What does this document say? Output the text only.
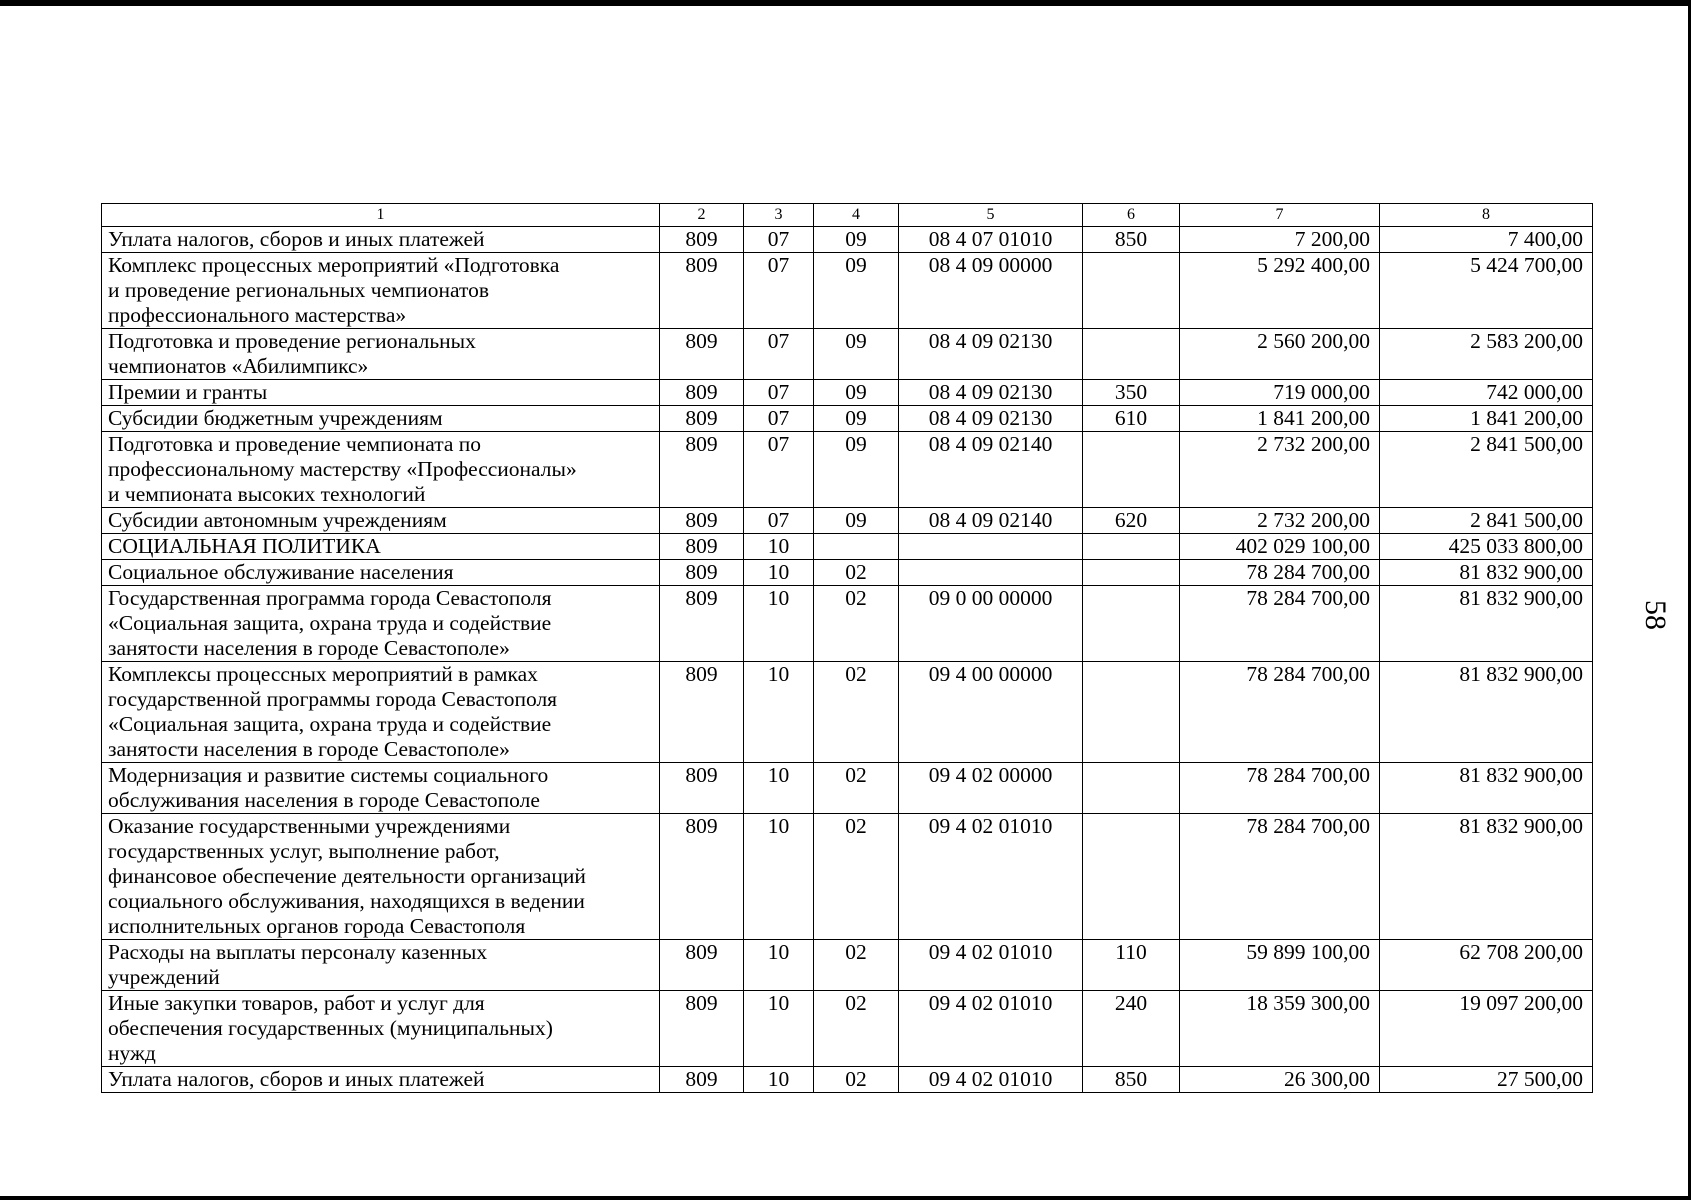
1	2	3	4	5	6	7	8
Уплата налогов, сборов и иных платежей	809	07	09	08 4 07 01010	850	7 200,00	7 400,00
Комплекс процессных мероприятий «Подготовка
и проведение региональных чемпионатов
профессионального мастерства»	809	07	09	08 4 09 00000		5 292 400,00	5 424 700,00
Подготовка и проведение региональных
чемпионатов «Абилимпикс»	809	07	09	08 4 09 02130		2 560 200,00	2 583 200,00
Премии и гранты	809	07	09	08 4 09 02130	350	719 000,00	742 000,00
Субсидии бюджетным учреждениям	809	07	09	08 4 09 02130	610	1 841 200,00	1 841 200,00
Подготовка и проведение чемпионата по
профессиональному мастерству «Профессионалы»
и чемпионата высоких технологий	809	07	09	08 4 09 02140		2 732 200,00	2 841 500,00
Субсидии автономным учреждениям	809	07	09	08 4 09 02140	620	2 732 200,00	2 841 500,00
СОЦИАЛЬНАЯ ПОЛИТИКА	809	10				402 029 100,00	425 033 800,00
Социальное обслуживание населения	809	10	02			78 284 700,00	81 832 900,00
Государственная программа города Севастополя
«Социальная защита, охрана труда и содействие
занятости населения в городе Севастополе»	809	10	02	09 0 00 00000		78 284 700,00	81 832 900,00
Комплексы процессных мероприятий в рамках
государственной программы города Севастополя
«Социальная защита, охрана труда и содействие
занятости населения в городе Севастополе»	809	10	02	09 4 00 00000		78 284 700,00	81 832 900,00
Модернизация и развитие системы социального
обслуживания населения в городе Севастополе	809	10	02	09 4 02 00000		78 284 700,00	81 832 900,00
Оказание государственными учреждениями
государственных услуг, выполнение работ,
финансовое обеспечение деятельности организаций
социального обслуживания, находящихся в ведении
исполнительных органов города Севастополя	809	10	02	09 4 02 01010		78 284 700,00	81 832 900,00
Расходы на выплаты персоналу казенных
учреждений	809	10	02	09 4 02 01010	110	59 899 100,00	62 708 200,00
Иные закупки товаров, работ и услуг для
обеспечения государственных (муниципальных)
нужд	809	10	02	09 4 02 01010	240	18 359 300,00	19 097 200,00
Уплата налогов, сборов и иных платежей	809	10	02	09 4 02 01010	850	26 300,00	27 500,00
58
